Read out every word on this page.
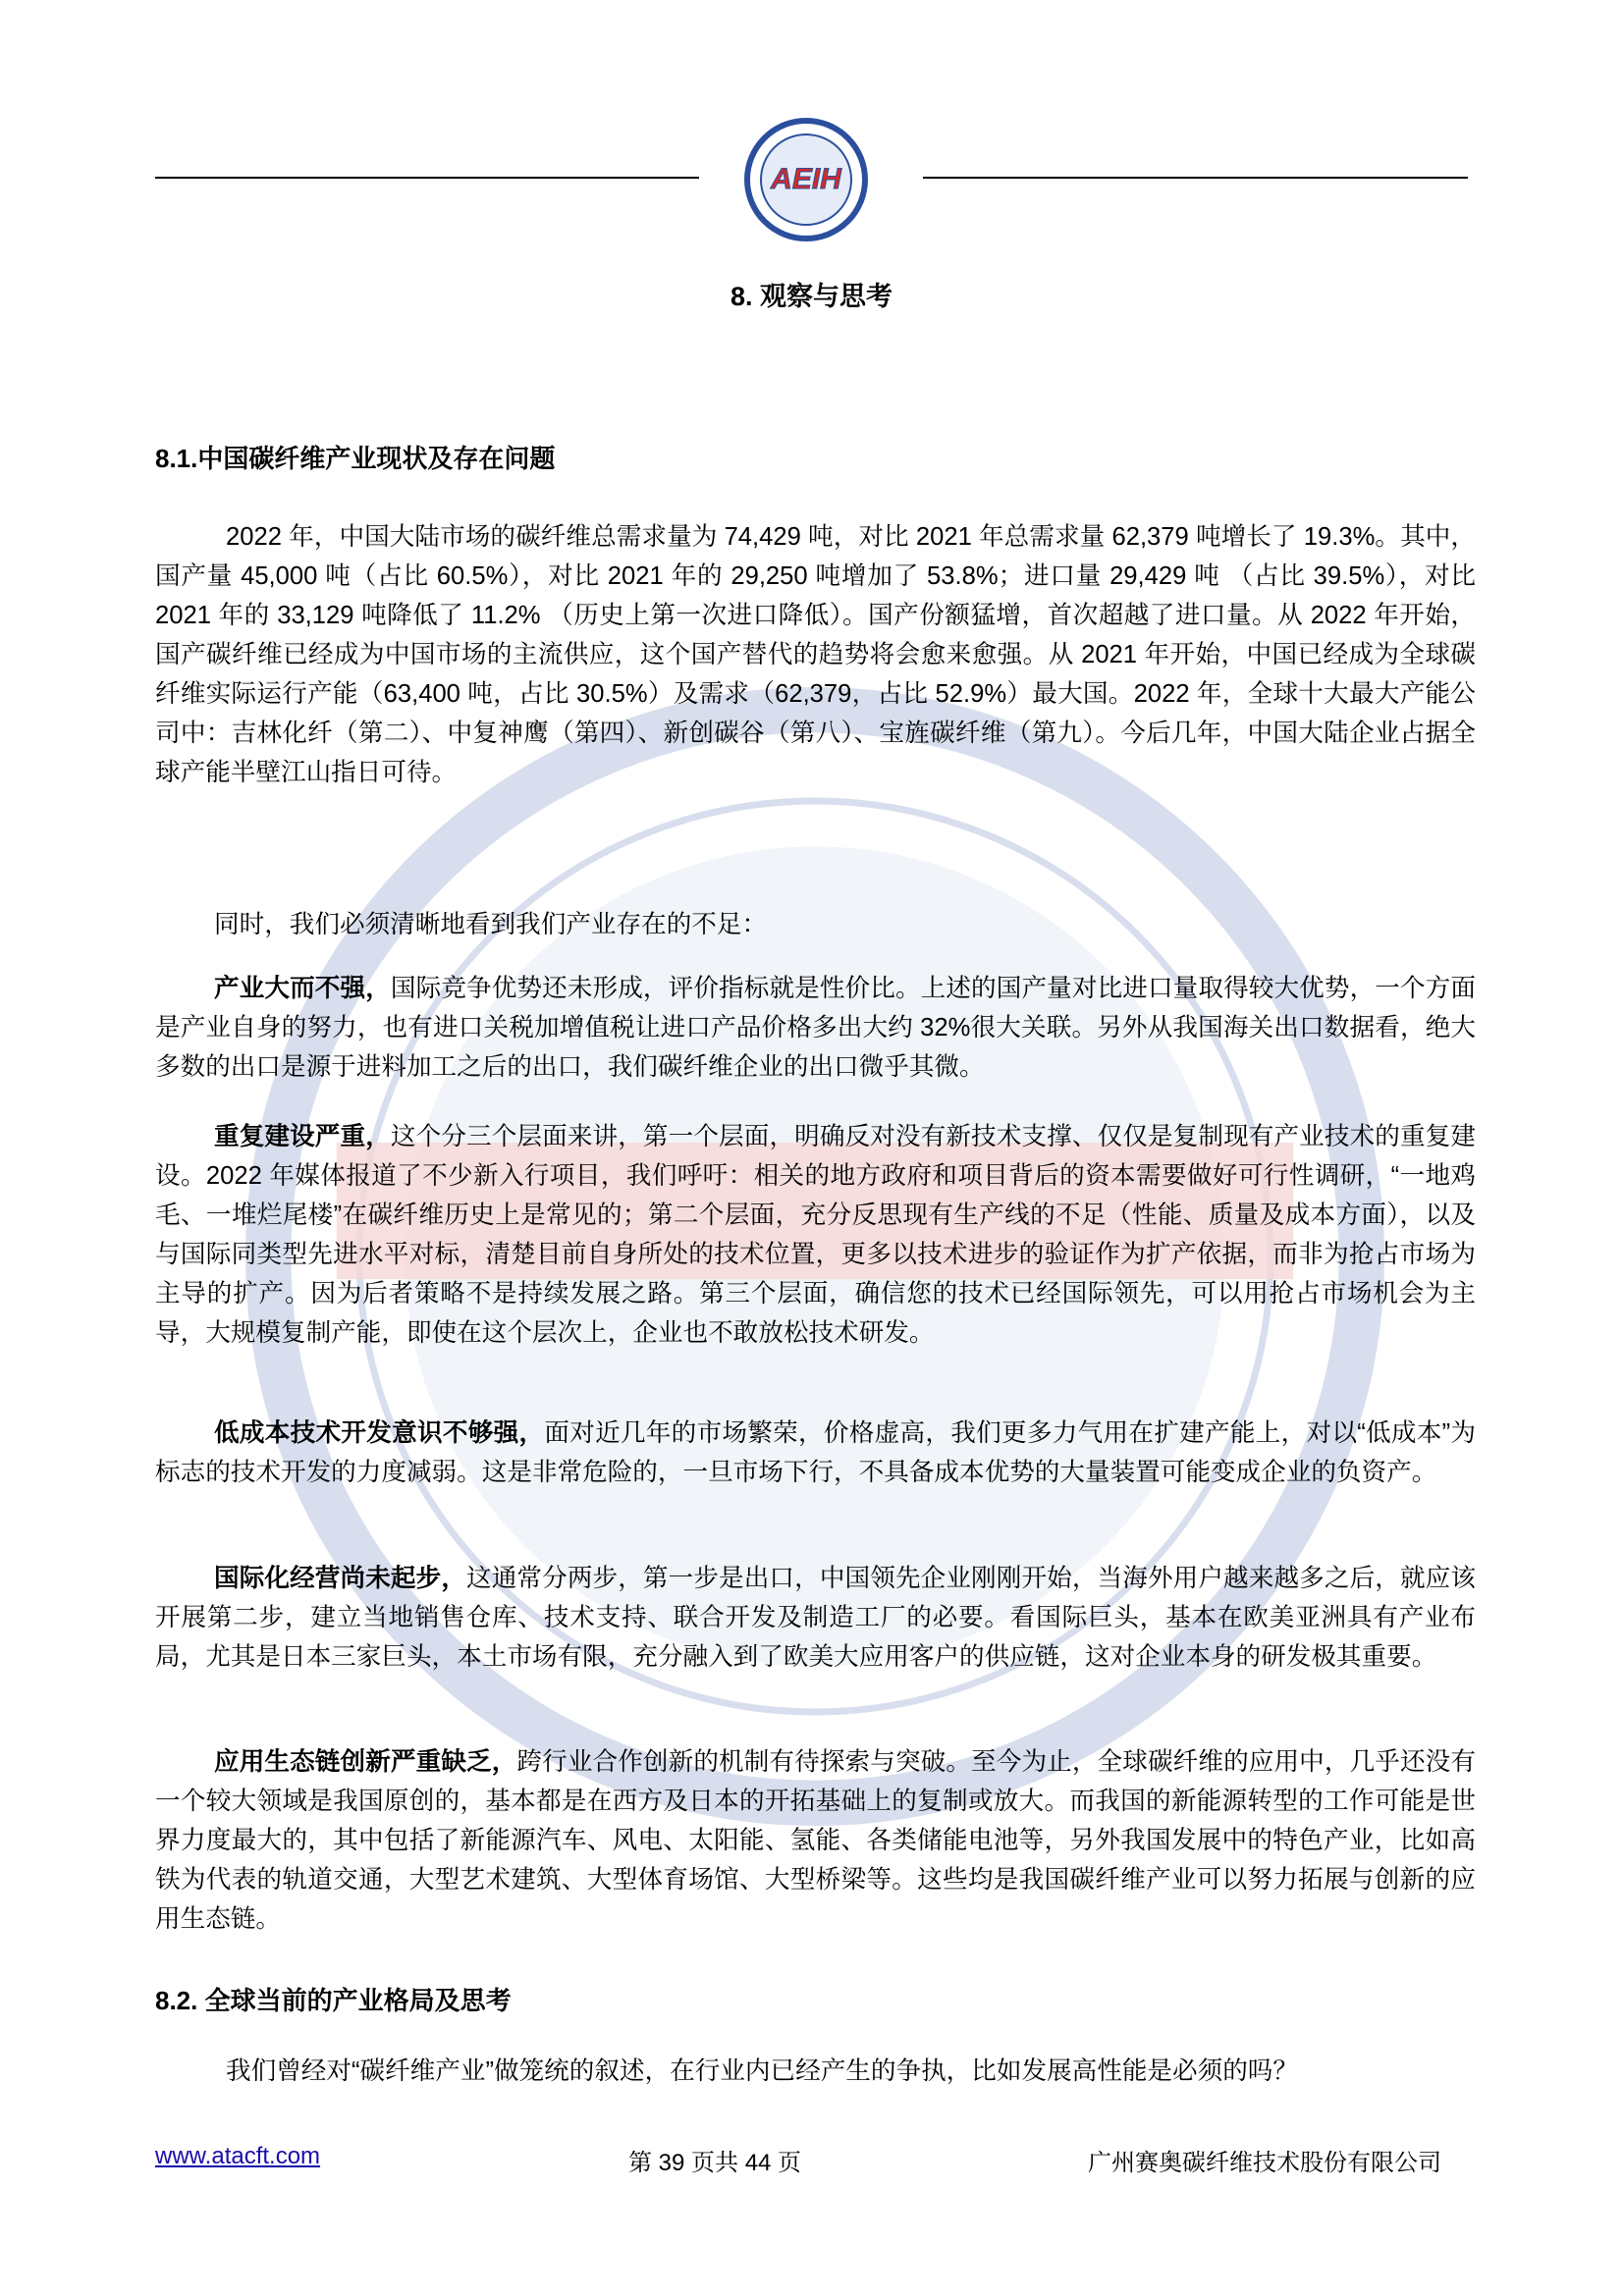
AEIH
8. 观察与思考
8.1.中国碳纤维产业现状及存在问题

2022 年，中国大陆市场的碳纤维总需求量为 74,429 吨，对比 2021 年总需求量 62,379 吨增长了 19.3%。其中，国产量 45,000 吨（占比 60.5%），对比 2021 年的 29,250 吨增加了 53.8%；进口量 29,429 吨 （占比 39.5%），对比 2021 年的 33,129 吨降低了 11.2% （历史上第一次进口降低）。国产份额猛增，首次超越了进口量。从 2022 年开始，国产碳纤维已经成为中国市场的主流供应，这个国产替代的趋势将会愈来愈强。从 2021 年开始，中国已经成为全球碳纤维实际运行产能（63,400 吨，占比 30.5%）及需求（62,379，占比 52.9%）最大国。2022 年，全球十大最大产能公司中：吉林化纤（第二）、中复神鹰（第四）、新创碳谷（第八）、宝旌碳纤维（第九）。今后几年，中国大陆企业占据全球产能半壁江山指日可待。

同时，我们必须清晰地看到我们产业存在的不足：

产业大而不强，国际竞争优势还未形成，评价指标就是性价比。上述的国产量对比进口量取得较大优势，一个方面是产业自身的努力，也有进口关税加增值税让进口产品价格多出大约 32%很大关联。另外从我国海关出口数据看，绝大多数的出口是源于进料加工之后的出口，我们碳纤维企业的出口微乎其微。

重复建设严重，这个分三个层面来讲，第一个层面，明确反对没有新技术支撑、仅仅是复制现有产业技术的重复建设。2022 年媒体报道了不少新入行项目，我们呼吁：相关的地方政府和项目背后的资本需要做好可行性调研，“一地鸡毛、一堆烂尾楼”在碳纤维历史上是常见的；第二个层面，充分反思现有生产线的不足（性能、质量及成本方面），以及与国际同类型先进水平对标，清楚目前自身所处的技术位置，更多以技术进步的验证作为扩产依据，而非为抢占市场为主导的扩产。因为后者策略不是持续发展之路。第三个层面，确信您的技术已经国际领先，可以用抢占市场机会为主导，大规模复制产能，即使在这个层次上，企业也不敢放松技术研发。

低成本技术开发意识不够强，面对近几年的市场繁荣，价格虚高，我们更多力气用在扩建产能上，对以“低成本”为标志的技术开发的力度减弱。这是非常危险的，一旦市场下行，不具备成本优势的大量装置可能变成企业的负资产。

国际化经营尚未起步，这通常分两步，第一步是出口，中国领先企业刚刚开始，当海外用户越来越多之后，就应该开展第二步，建立当地销售仓库、技术支持、联合开发及制造工厂的必要。看国际巨头，基本在欧美亚洲具有产业布局，尤其是日本三家巨头，本土市场有限，充分融入到了欧美大应用客户的供应链，这对企业本身的研发极其重要。

应用生态链创新严重缺乏，跨行业合作创新的机制有待探索与突破。至今为止，全球碳纤维的应用中，几乎还没有一个较大领域是我国原创的，基本都是在西方及日本的开拓基础上的复制或放大。而我国的新能源转型的工作可能是世界力度最大的，其中包括了新能源汽车、风电、太阳能、氢能、各类储能电池等，另外我国发展中的特色产业，比如高铁为代表的轨道交通，大型艺术建筑、大型体育场馆、大型桥梁等。这些均是我国碳纤维产业可以努力拓展与创新的应用生态链。

8.2. 全球当前的产业格局及思考

我们曾经对“碳纤维产业”做笼统的叙述，在行业内已经产生的争执，比如发展高性能是必须的吗？

www.atacft.com	第 39 页共 44 页	广州赛奥碳纤维技术股份有限公司
